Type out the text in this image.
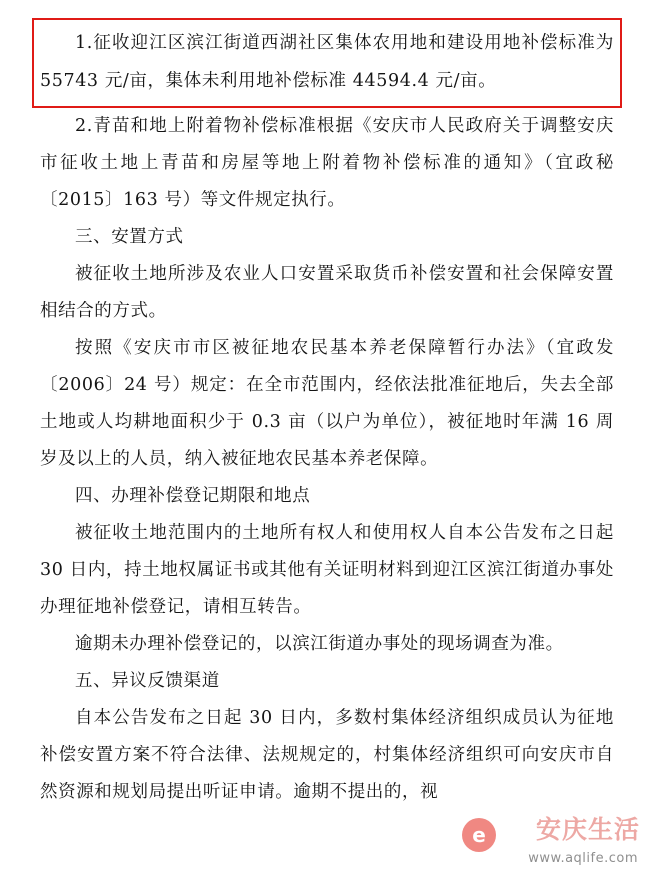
1.征收迎江区滨江街道西湖社区集体农用地和建设用地补偿标准为 55743 元/亩，集体未利用地补偿标准 44594.4 元/亩。

2.青苗和地上附着物补偿标准根据《安庆市人民政府关于调整安庆市征收土地上青苗和房屋等地上附着物补偿标准的通知》（宜政秘〔2015〕163 号）等文件规定执行。

三、安置方式

被征收土地所涉及农业人口安置采取货币补偿安置和社会保障安置相结合的方式。

按照《安庆市市区被征地农民基本养老保障暂行办法》（宜政发〔2006〕24 号）规定：在全市范围内，经依法批准征地后，失去全部土地或人均耕地面积少于 0.3 亩（以户为单位），被征地时年满 16 周岁及以上的人员，纳入被征地农民基本养老保障。

四、办理补偿登记期限和地点

被征收土地范围内的土地所有权人和使用权人自本公告发布之日起 30 日内，持土地权属证书或其他有关证明材料到迎江区滨江街道办事处办理征地补偿登记，请相互转告。

逾期未办理补偿登记的，以滨江街道办事处的现场调查为准。

五、异议反馈渠道

自本公告发布之日起 30 日内，多数村集体经济组织成员认为征地补偿安置方案不符合法律、法规规定的，村集体经济组织可向安庆市自然资源和规划局提出听证申请。逾期不提出的，视

e	安庆生活
www.aqlife.com
